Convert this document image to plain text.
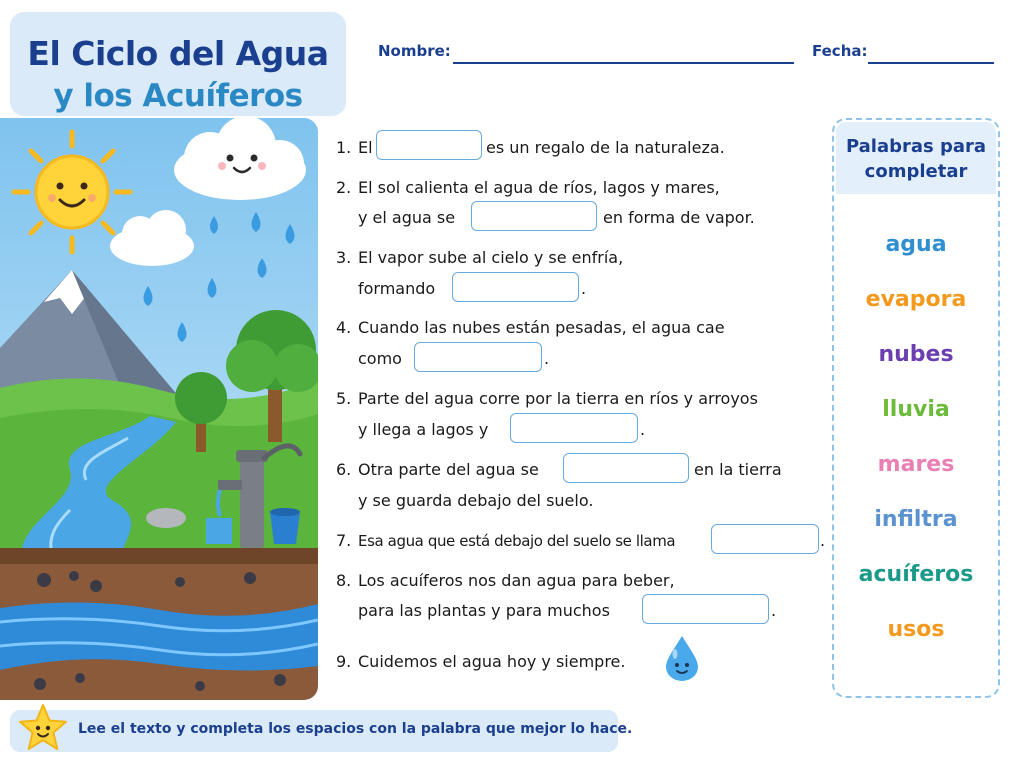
El Ciclo del Agua
y los Acuíferos
Nombre:	Fecha:
1. El	es un regalo de la naturaleza.
2. El sol calienta el agua de ríos, lagos y mares,
y el agua se	en forma de vapor.
3. El vapor sube al cielo y se enfría,
formando	.
4. Cuando las nubes están pesadas, el agua cae
como	.
5. Parte del agua corre por la tierra en ríos y arroyos
y llega a lagos y	.
6. Otra parte del agua se	en la tierra
y se guarda debajo del suelo.
7. Esa agua que está debajo del suelo se llama	.
8. Los acuíferos nos dan agua para beber,
para las plantas y para muchos	.
9. Cuidemos el agua hoy y siempre.
Palabras para
completar
agua
evapora
nubes
lluvia
mares
infiltra
acuíferos
usos
Lee el texto y completa los espacios con la palabra que mejor lo hace.
